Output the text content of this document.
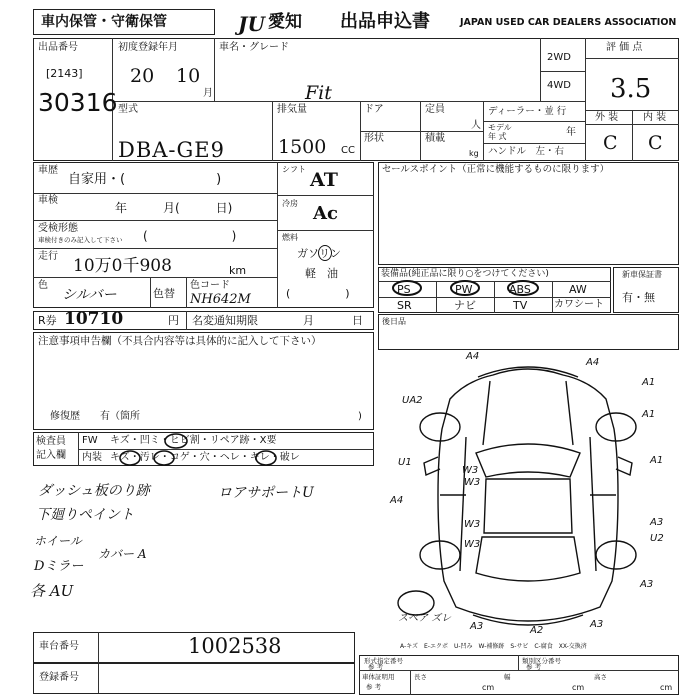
車内保管・守衛保管	JU 愛知 出品申込書	JAPAN USED CAR DEALERS ASSOCIATION
出品番号
[2143]
30316
初度登録年月
20 10
月
車名・グレード
Fit
2WD
4WD
評 価 点
3.5
外 装 内 装
C C
型式
DBA-GE9
排気量
1500 CC
ドア	定員
人
形状	積載
kg
ディーラー・並 行
モデル
年 式	年
ハンドル　左・右
車歴
自家用・(　　　　　　　)
車検
年　　　月(　　　日)
受検形態
車検付きのみ記入して下さい (　　　　　　　)
走行 10万0千908	km
色
シルバー	色替
色コード
NH642M
シフト AT
冷房 Ac
燃料
ガソリン
軽　油
(　　　　　)
セールスポイント（正常に機能するものに限ります）
装備品(純正品に限り○をつけてください)
PS	PW	ABS	AW
SR	ナビ	TV	カワシート
新車保証書
有・無
後日品
R券 10710	円 名変通知期限	月	日
注意事項申告欄（不具合内容等は具体的に記入して下さい）
修復歴　　有（箇所	)
検査員
記入欄
FW キズ・凹ミ・ヒビ割・リペア跡・X要
内装 キズ・汚レ・コゲ・穴・ヘレ・キレ・破レ
ダッシュ板のり跡	ロアサポートU
下廻りペイント
ホイール
カバー A
Dミラー
各 AU
A4
A4
A1
UA2
A1
U1
W3
A1
W3
A4
W3	A3
W3
U2
A3
スペア ズレ
A3	A2
A3
A-キズ　E-エクボ　U-凹み　W-補修跡　S-サビ　C-腐食　XX-交換済
車台番号	1002538
登録番号
形式指定番号
参 考
類別区分番号
参 考
車体証明用
参 考
長さ
cm
幅
cm
高さ
cm
